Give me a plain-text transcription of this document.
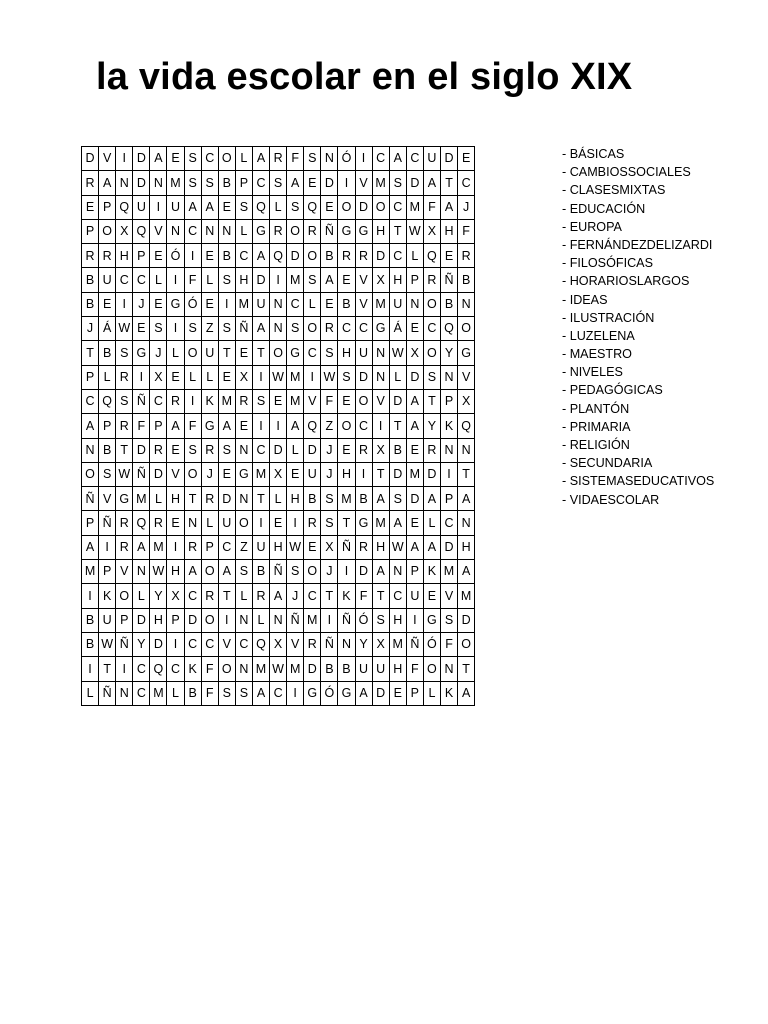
la vida escolar en el siglo XIX
D	V	I	D	A	E	S	C	O	L	A	R	F	S	N	Ó	I	C	A	C	U	D	E
R	A	N	D	N	M	S	S	B	P	C	S	A	E	D	I	V	M	S	D	A	T	C
E	P	Q	U	I	U	A	A	E	S	Q	L	S	Q	E	O	D	O	C	M	F	A	J
P	O	X	Q	V	N	C	N	N	L	G	R	O	R	Ñ	G	G	H	T	W	X	H	F
R	R	H	P	E	Ó	I	E	B	C	A	Q	D	O	B	R	R	D	C	L	Q	E	R
B	U	C	C	L	I	F	L	S	H	D	I	M	S	A	E	V	X	H	P	R	Ñ	B
B	E	I	J	E	G	Ó	E	I	M	U	N	C	L	E	B	V	M	U	N	O	B	N
J	Á	W	E	S	I	S	Z	S	Ñ	A	N	S	O	R	C	C	G	Á	E	C	Q	O
T	B	S	G	J	L	O	U	T	E	T	O	G	C	S	H	U	N	W	X	O	Y	G
P	L	R	I	X	E	L	L	E	X	I	W	M	I	W	S	D	N	L	D	S	N	V
C	Q	S	Ñ	C	R	I	K	M	R	S	E	M	V	F	E	O	V	D	A	T	P	X
A	P	R	F	P	A	F	G	A	E	I	I	A	Q	Z	O	C	I	T	A	Y	K	Q
N	B	T	D	R	E	S	R	S	N	C	D	L	D	J	E	R	X	B	E	R	N	N
O	S	W	Ñ	D	V	O	J	E	G	M	X	E	U	J	H	I	T	D	M	D	I	T
Ñ	V	G	M	L	H	T	R	D	N	T	L	H	B	S	M	B	A	S	D	A	P	A
P	Ñ	R	Q	R	E	N	L	U	O	I	E	I	R	S	T	G	M	A	E	L	C	N
A	I	R	A	M	I	R	P	C	Z	U	H	W	E	X	Ñ	R	H	W	A	A	D	H
M	P	V	N	W	H	A	O	A	S	B	Ñ	S	O	J	I	D	A	N	P	K	M	A
I	K	O	L	Y	X	C	R	T	L	R	A	J	C	T	K	F	T	C	U	E	V	M
B	U	P	D	H	P	D	O	I	N	L	N	Ñ	M	I	Ñ	Ó	S	H	I	G	S	D
B	W	Ñ	Y	D	I	C	C	V	C	Q	X	V	R	Ñ	N	Y	X	M	Ñ	Ó	F	O
I	T	I	C	Q	C	K	F	O	N	M	W	M	D	B	B	U	U	H	F	O	N	T
L	Ñ	N	C	M	L	B	F	S	S	A	C	I	G	Ó	G	A	D	E	P	L	K	A
- BÁSICAS
- CAMBIOSSOCIALES
- CLASESMIXTAS
- EDUCACIÓN
- EUROPA
- FERNÁNDEZDELIZARDI
- FILOSÓFICAS
- HORARIOSLARGOS
- IDEAS
- ILUSTRACIÓN
- LUZELENA
- MAESTRO
- NIVELES
- PEDAGÓGICAS
- PLANTÓN
- PRIMARIA
- RELIGIÓN
- SECUNDARIA
- SISTEMASEDUCATIVOS
- VIDAESCOLAR
